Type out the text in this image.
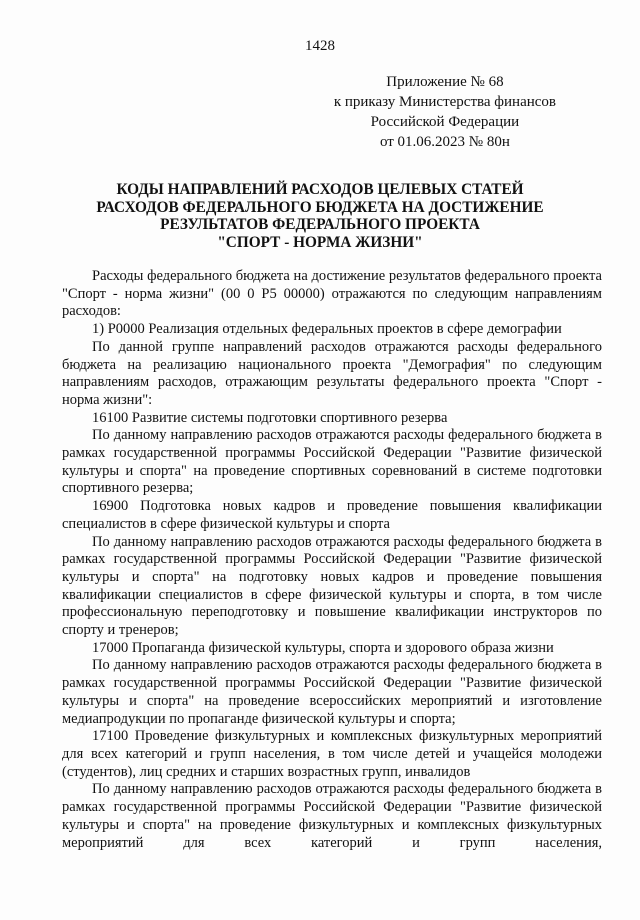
1428
Приложение № 68
к приказу Министерства финансов
Российской Федерации
от 01.06.2023 № 80н
КОДЫ НАПРАВЛЕНИЙ РАСХОДОВ ЦЕЛЕВЫХ СТАТЕЙ
РАСХОДОВ ФЕДЕРАЛЬНОГО БЮДЖЕТА НА ДОСТИЖЕНИЕ
РЕЗУЛЬТАТОВ ФЕДЕРАЛЬНОГО ПРОЕКТА
"СПОРТ - НОРМА ЖИЗНИ"

Расходы федерального бюджета на достижение результатов федерального проекта "Спорт - норма жизни" (00 0 P5 00000) отражаются по следующим направлениям расходов:

1) P0000 Реализация отдельных федеральных проектов в сфере демографии

По данной группе направлений расходов отражаются расходы федерального бюджета на реализацию национального проекта "Демография" по следующим направлениям расходов, отражающим результаты федерального проекта "Спорт - норма жизни":

16100 Развитие системы подготовки спортивного резерва

По данному направлению расходов отражаются расходы федерального бюджета в рамках государственной программы Российской Федерации "Развитие физической культуры и спорта" на проведение спортивных соревнований в системе подготовки спортивного резерва;

16900 Подготовка новых кадров и проведение повышения квалификации специалистов в сфере физической культуры и спорта

По данному направлению расходов отражаются расходы федерального бюджета в рамках государственной программы Российской Федерации "Развитие физической культуры и спорта" на подготовку новых кадров и проведение повышения квалификации специалистов в сфере физической культуры и спорта, в том числе профессиональную переподготовку и повышение квалификации инструкторов по спорту и тренеров;

17000 Пропаганда физической культуры, спорта и здорового образа жизни

По данному направлению расходов отражаются расходы федерального бюджета в рамках государственной программы Российской Федерации "Развитие физической культуры и спорта" на проведение всероссийских мероприятий и изготовление медиапродукции по пропаганде физической культуры и спорта;

17100 Проведение физкультурных и комплексных физкультурных мероприятий для всех категорий и групп населения, в том числе детей и учащейся молодежи (студентов), лиц средних и старших возрастных групп, инвалидов

По данному направлению расходов отражаются расходы федерального бюджета в рамках государственной программы Российской Федерации "Развитие физической культуры и спорта" на проведение физкультурных и комплексных физкультурных мероприятий для всех категорий и групп населения,
